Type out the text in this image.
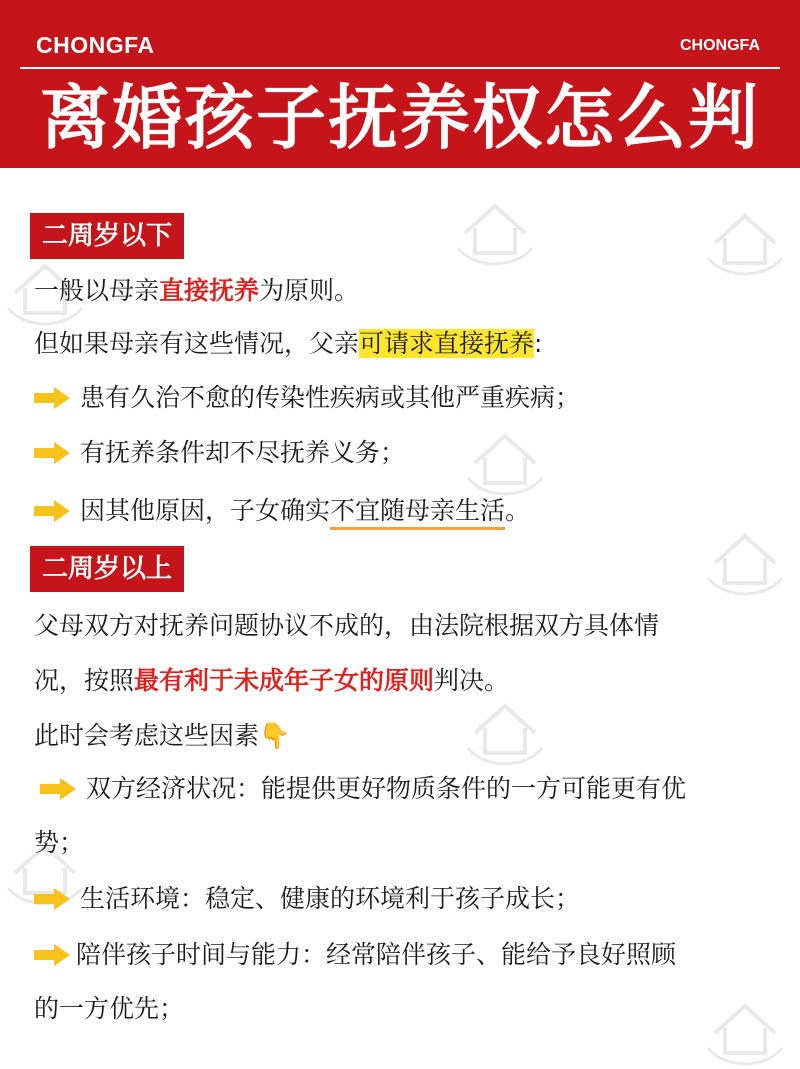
CHONGFA	CHONGFA
离婚孩子抚养权怎么判
二周岁以下
一般以母亲直接抚养为原则。
但如果母亲有这些情况，父亲可请求直接抚养:
患有久治不愈的传染性疾病或其他严重疾病；
有抚养条件却不尽抚养义务；
因其他原因，子女确实不宜随母亲生活。
二周岁以上
父母双方对抚养问题协议不成的，由法院根据双方具体情
况，按照最有利于未成年子女的原则判决。
此时会考虑这些因素👇
双方经济状况：能提供更好物质条件的一方可能更有优
势；
生活环境：稳定、健康的环境利于孩子成长；
陪伴孩子时间与能力：经常陪伴孩子、能给予良好照顾
的一方优先；
